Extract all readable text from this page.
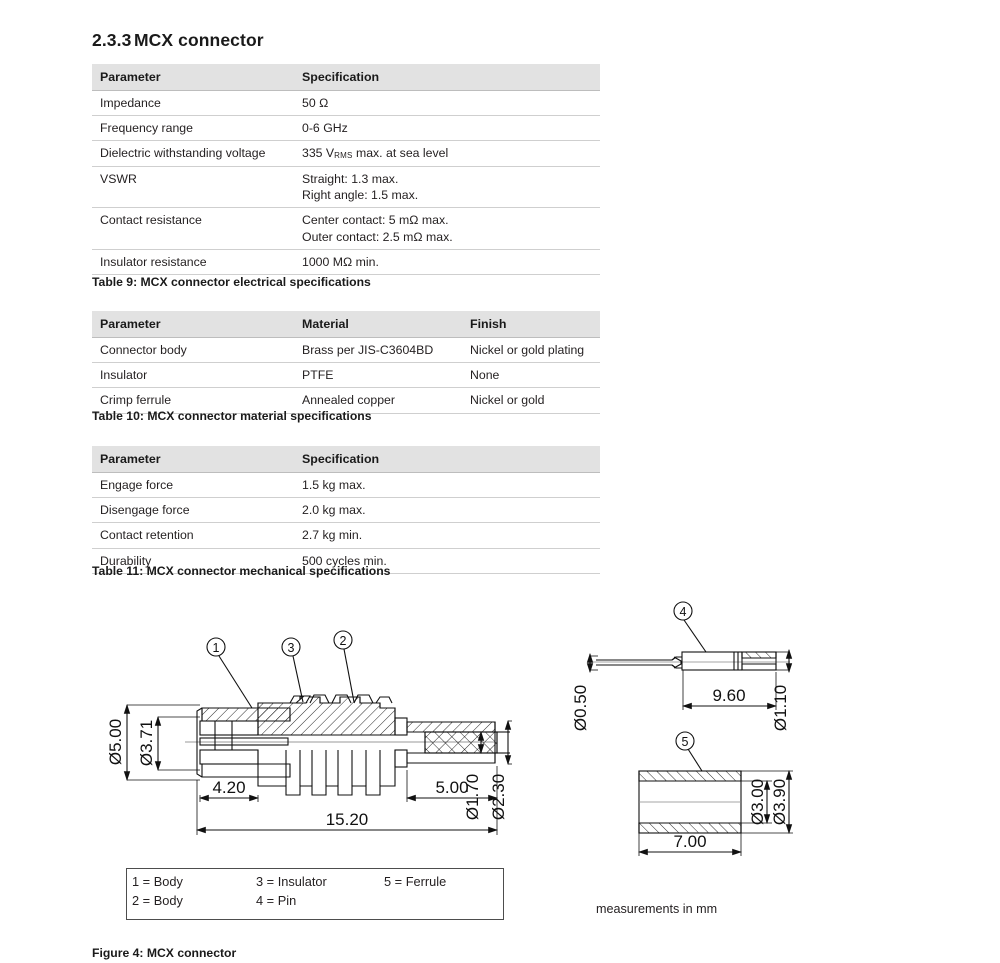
2.3.3 MCX connector
Parameter	Specification
Impedance	50 Ω
Frequency range	0-6 GHz
Dielectric withstanding voltage	335 VRMS max. at sea level
VSWR	Straight: 1.3 max.
Right angle: 1.5 max.

Contact resistance	Center contact: 5 mΩ max.
Outer contact: 2.5 mΩ max.

Insulator resistance	1000 MΩ min.
Table 9: MCX connector electrical specifications
Parameter	Material	Finish
Connector body	Brass per JIS-C3604BD	Nickel or gold plating
Insulator	PTFE	None
Crimp ferrule	Annealed copper	Nickel or gold
Table 10: MCX connector material specifications
Parameter	Specification
Engage force	1.5 kg max.
Disengage force	2.0 kg max.
Contact retention	2.7 kg min.
Durability	500 cycles min.
Table 11: MCX connector mechanical specifications
Ø5.00 Ø3.71
4.20	5.00
15.20	Ø1.70 Ø2.30
Ø0.50	9.60 Ø1.10
7.00
Ø3.00 Ø3.90
1	2
3
4
5
1 = Body
2 = Body
3 = Insulator
4 = Pin
5 = Ferrule
measurements in mm
Figure 4: MCX connector
